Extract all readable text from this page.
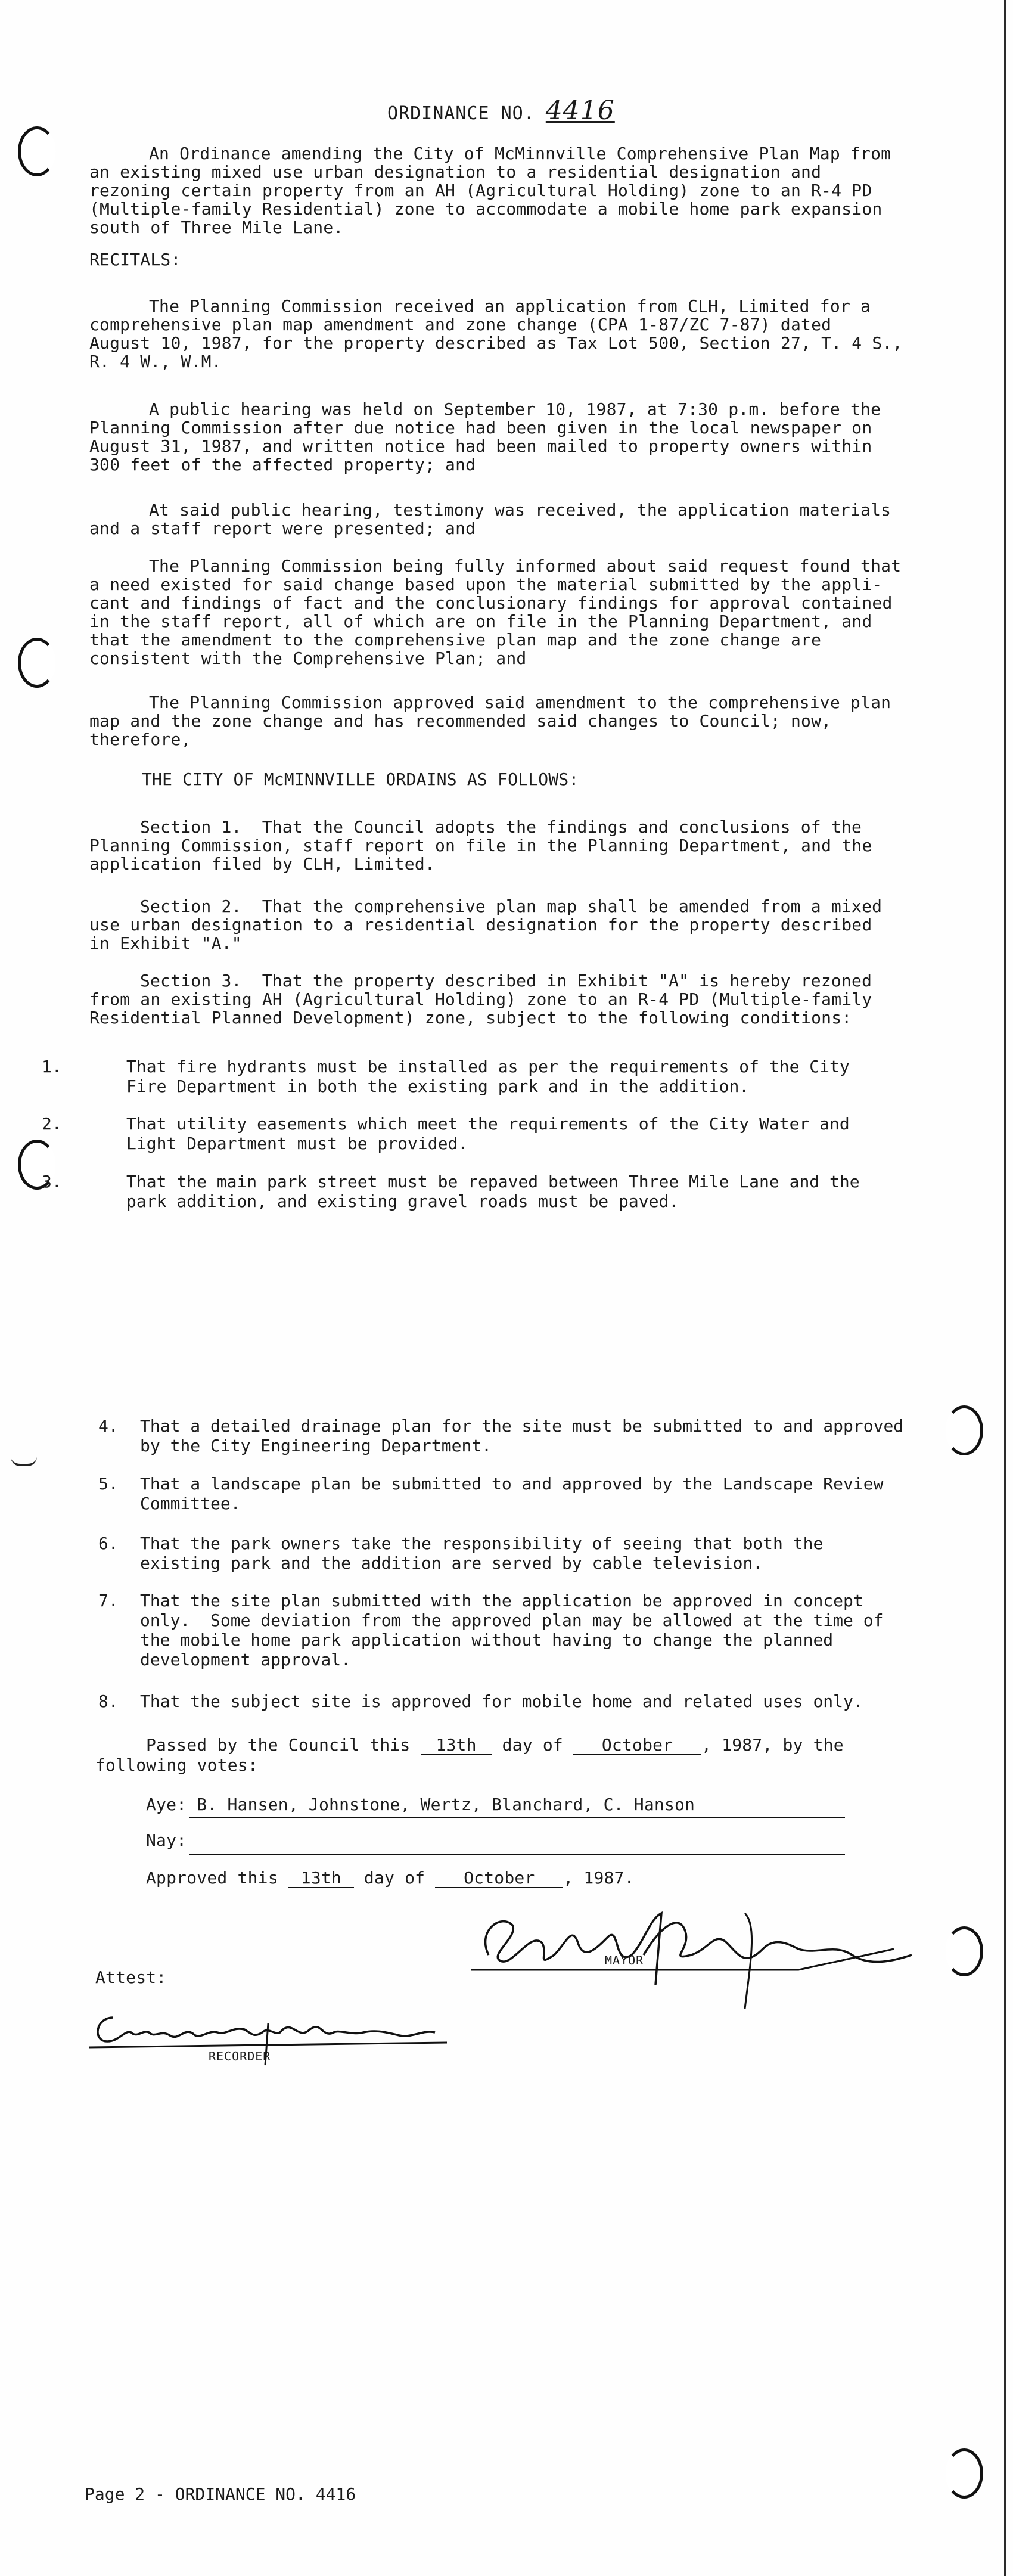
ORDINANCE NO. 4416
An Ordinance amending the City of McMinnville Comprehensive Plan Map from
an existing mixed use urban designation to a residential designation and
rezoning certain property from an AH (Agricultural Holding) zone to an R-4 PD
(Multiple-family Residential) zone to accommodate a mobile home park expansion
south of Three Mile Lane.
RECITALS:
The Planning Commission received an application from CLH, Limited for a
comprehensive plan map amendment and zone change (CPA 1-87/ZC 7-87) dated
August 10, 1987, for the property described as Tax Lot 500, Section 27, T. 4 S.,
R. 4 W., W.M.
A public hearing was held on September 10, 1987, at 7:30 p.m. before the
Planning Commission after due notice had been given in the local newspaper on
August 31, 1987, and written notice had been mailed to property owners within
300 feet of the affected property; and
At said public hearing, testimony was received, the application materials
and a staff report were presented; and
The Planning Commission being fully informed about said request found that
a need existed for said change based upon the material submitted by the appli-
cant and findings of fact and the conclusionary findings for approval contained
in the staff report, all of which are on file in the Planning Department, and
that the amendment to the comprehensive plan map and the zone change are
consistent with the Comprehensive Plan; and
The Planning Commission approved said amendment to the comprehensive plan
map and the zone change and has recommended said changes to Council; now,
therefore,
THE CITY OF McMINNVILLE ORDAINS AS FOLLOWS:
Section 1.  That the Council adopts the findings and conclusions of the
Planning Commission, staff report on file in the Planning Department, and the
application filed by CLH, Limited.
Section 2.  That the comprehensive plan map shall be amended from a mixed
use urban designation to a residential designation for the property described
in Exhibit "A."
Section 3.  That the property described in Exhibit "A" is hereby rezoned
from an existing AH (Agricultural Holding) zone to an R-4 PD (Multiple-family
Residential Planned Development) zone, subject to the following conditions:
1.	That fire hydrants must be installed as per the requirements of the City
Fire Department in both the existing park and in the addition.
2.	That utility easements which meet the requirements of the City Water and
Light Department must be provided.
3.	That the main park street must be repaved between Three Mile Lane and the
park addition, and existing gravel roads must be paved.
4. That a detailed drainage plan for the site must be submitted to and approved
by the City Engineering Department.
5. That a landscape plan be submitted to and approved by the Landscape Review
Committee.
6. That the park owners take the responsibility of seeing that both the
existing park and the addition are served by cable television.
7. That the site plan submitted with the application be approved in concept
only.  Some deviation from the approved plan may be allowed at the time of
the mobile home park application without having to change the planned
development approval.
8. That the subject site is approved for mobile home and related uses only.
Passed by the Council this 13th day of October , 1987, by the
following votes:
Aye: B. Hansen, Johnstone, Wertz, Blanchard, C. Hanson
Nay:
Approved this 13th day of October , 1987.
MAYOR
Attest:
RECORDER
Page 2 - ORDINANCE NO. 4416
